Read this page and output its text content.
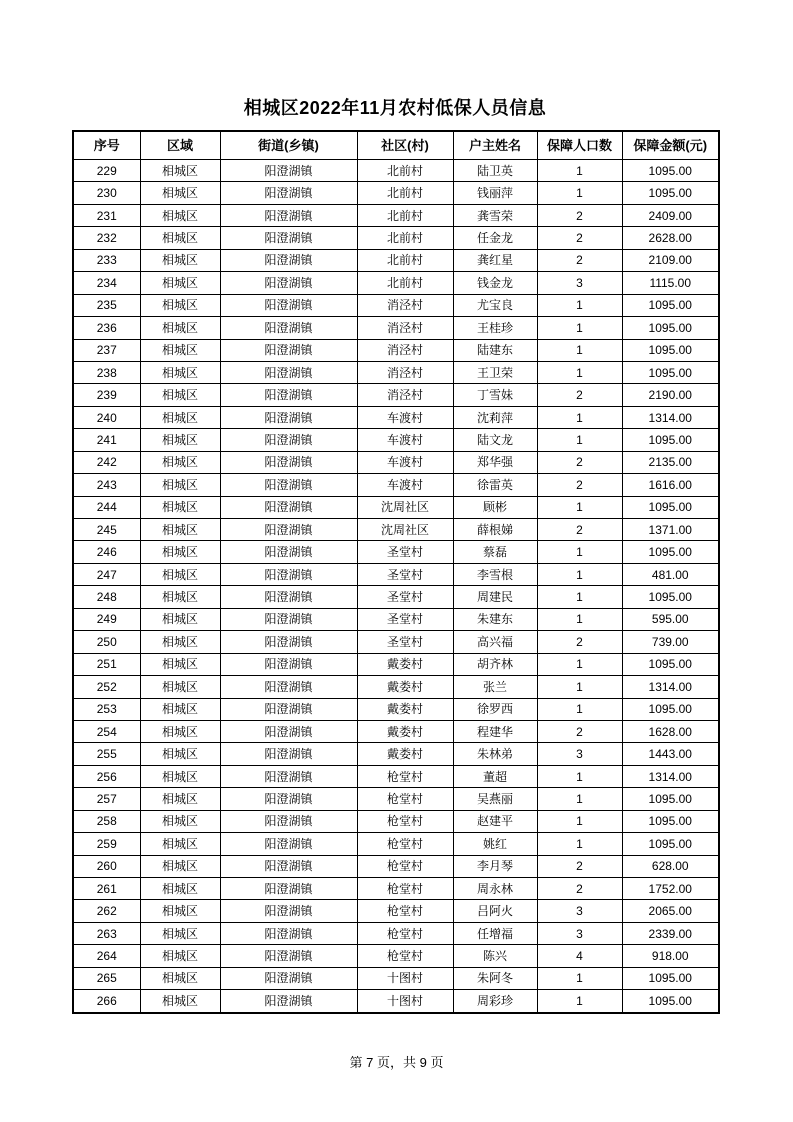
相城区2022年11月农村低保人员信息
序号	区域	街道(乡镇)	社区(村)	户主姓名	保障人口数	保障金额(元)
229	相城区	阳澄湖镇	北前村	陆卫英	1	1095.00
230	相城区	阳澄湖镇	北前村	钱丽萍	1	1095.00
231	相城区	阳澄湖镇	北前村	龚雪荣	2	2409.00
232	相城区	阳澄湖镇	北前村	任金龙	2	2628.00
233	相城区	阳澄湖镇	北前村	龚红星	2	2109.00
234	相城区	阳澄湖镇	北前村	钱金龙	3	1115.00
235	相城区	阳澄湖镇	消泾村	尤宝良	1	1095.00
236	相城区	阳澄湖镇	消泾村	王桂珍	1	1095.00
237	相城区	阳澄湖镇	消泾村	陆建东	1	1095.00
238	相城区	阳澄湖镇	消泾村	王卫荣	1	1095.00
239	相城区	阳澄湖镇	消泾村	丁雪妹	2	2190.00
240	相城区	阳澄湖镇	车渡村	沈莉萍	1	1314.00
241	相城区	阳澄湖镇	车渡村	陆文龙	1	1095.00
242	相城区	阳澄湖镇	车渡村	郑华强	2	2135.00
243	相城区	阳澄湖镇	车渡村	徐雷英	2	1616.00
244	相城区	阳澄湖镇	沈周社区	顾彬	1	1095.00
245	相城区	阳澄湖镇	沈周社区	薛根娣	2	1371.00
246	相城区	阳澄湖镇	圣堂村	蔡磊	1	1095.00
247	相城区	阳澄湖镇	圣堂村	李雪根	1	481.00
248	相城区	阳澄湖镇	圣堂村	周建民	1	1095.00
249	相城区	阳澄湖镇	圣堂村	朱建东	1	595.00
250	相城区	阳澄湖镇	圣堂村	高兴福	2	739.00
251	相城区	阳澄湖镇	戴娄村	胡齐林	1	1095.00
252	相城区	阳澄湖镇	戴娄村	张兰	1	1314.00
253	相城区	阳澄湖镇	戴娄村	徐罗西	1	1095.00
254	相城区	阳澄湖镇	戴娄村	程建华	2	1628.00
255	相城区	阳澄湖镇	戴娄村	朱林弟	3	1443.00
256	相城区	阳澄湖镇	枪堂村	董超	1	1314.00
257	相城区	阳澄湖镇	枪堂村	吴燕丽	1	1095.00
258	相城区	阳澄湖镇	枪堂村	赵建平	1	1095.00
259	相城区	阳澄湖镇	枪堂村	姚红	1	1095.00
260	相城区	阳澄湖镇	枪堂村	李月琴	2	628.00
261	相城区	阳澄湖镇	枪堂村	周永林	2	1752.00
262	相城区	阳澄湖镇	枪堂村	吕阿火	3	2065.00
263	相城区	阳澄湖镇	枪堂村	任增福	3	2339.00
264	相城区	阳澄湖镇	枪堂村	陈兴	4	918.00
265	相城区	阳澄湖镇	十图村	朱阿冬	1	1095.00
266	相城区	阳澄湖镇	十图村	周彩珍	1	1095.00
第 7 页，共 9 页
